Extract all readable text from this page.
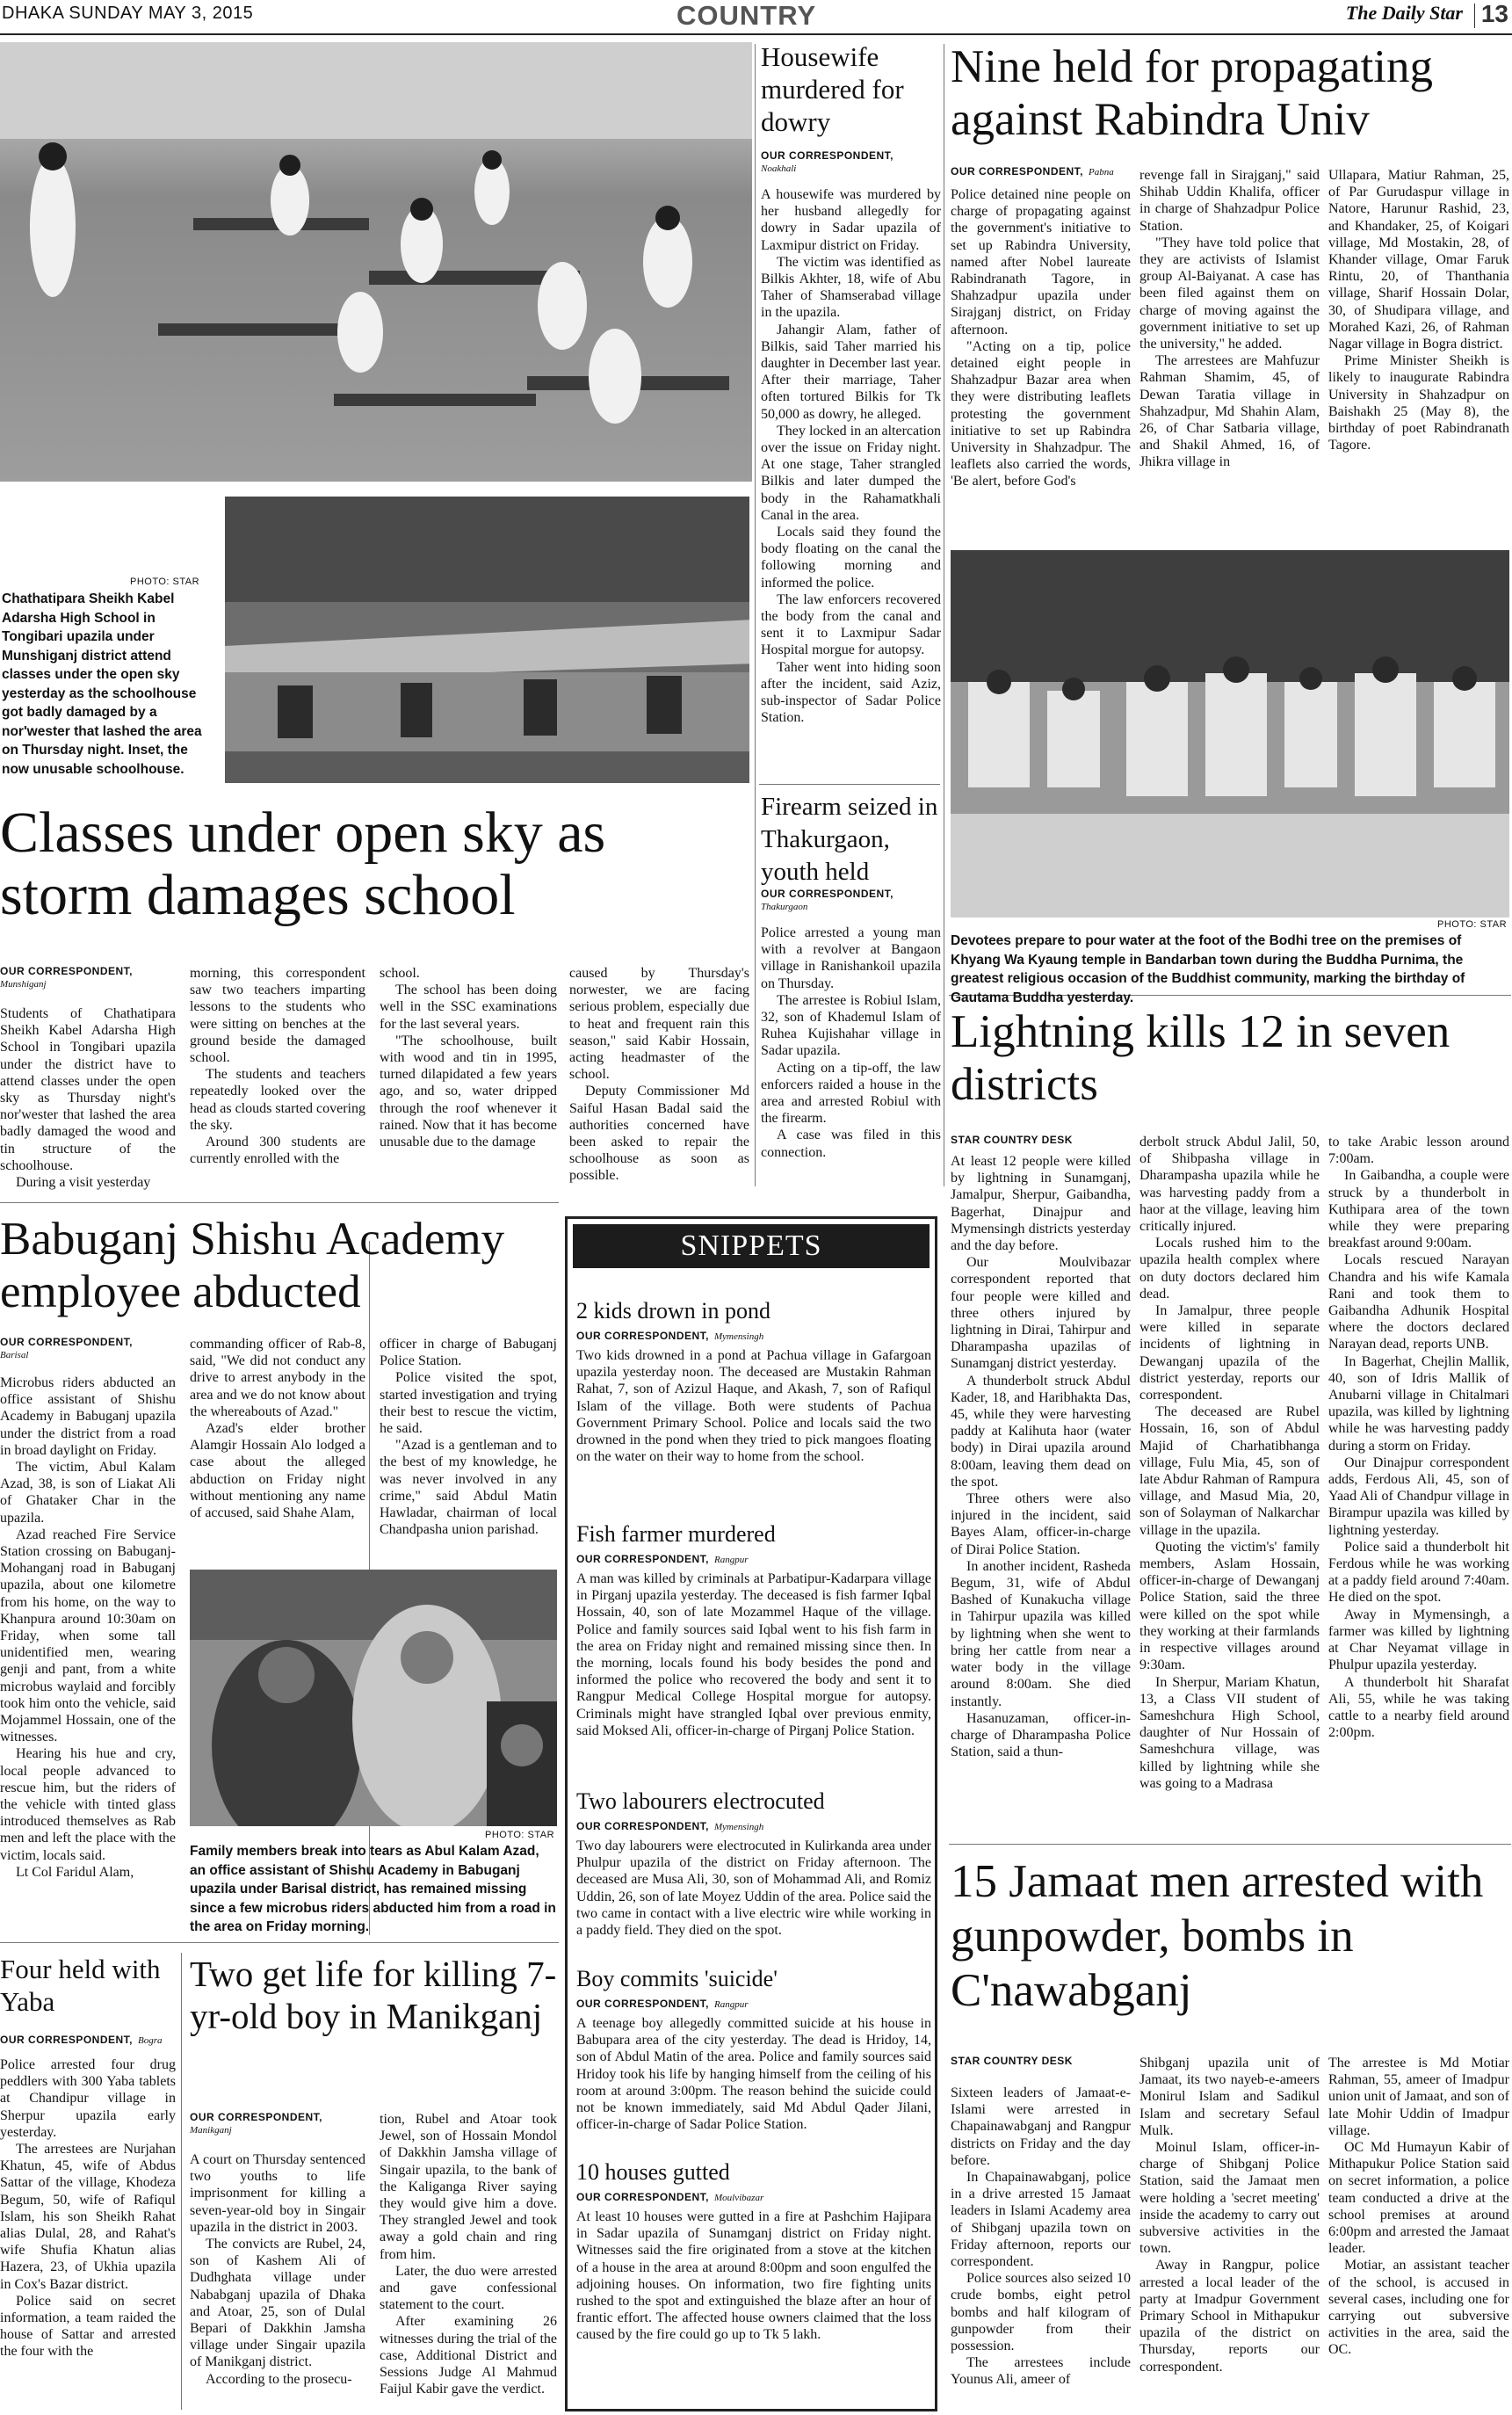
DHAKA SUNDAY MAY 3, 2015	COUNTRY	The Daily Star 13
PHOTO: STAR
Chathatipara Sheikh Kabel Adarsha High School in Tongibari upazila under Munshiganj district attend classes under the open sky yesterday as the schoolhouse got badly damaged by a nor'wester that lashed the area on Thursday night. Inset, the now unusable schoolhouse.
Classes under open sky as storm damages school
OUR CORRESPONDENT,
Munshiganj

Students of Chathatipara Sheikh Kabel Adarsha High School in Tongibari upazila under the district have to attend classes under the open sky as Thursday night's nor'wester that lashed the area badly damaged the wood and tin structure of the schoolhouse.

During a visit yesterday

morning, this correspondent saw two teachers imparting lessons to the students who were sitting on benches at the ground beside the damaged school.

The students and teachers repeatedly looked over the head as clouds started covering the sky.

Around 300 students are currently enrolled with the

school.

The school has been doing well in the SSC examinations for the last several years.

"The schoolhouse, built with wood and tin in 1995, turned dilapidated a few years ago, and so, water dripped through the roof whenever it rained. Now that it has become unusable due to the damage

caused by Thursday's norwester, we are facing serious problem, especially due to heat and frequent rain this season," said Kabir Hossain, acting headmaster of the school.

Deputy Commissioner Md Saiful Hasan Badal said the authorities concerned have been asked to repair the schoolhouse as soon as possible.

Housewife murdered for dowry
OUR CORRESPONDENT,
Noakhali

A housewife was murdered by her husband allegedly for dowry in Sadar upazila of Laxmipur district on Friday.

The victim was identified as Bilkis Akhter, 18, wife of Abu Taher of Shamserabad village in the upazila.

Jahangir Alam, father of Bilkis, said Taher married his daughter in December last year. After their marriage, Taher often tortured Bilkis for Tk 50,000 as dowry, he alleged.

They locked in an altercation over the issue on Friday night. At one stage, Taher strangled Bilkis and later dumped the body in the Rahamatkhali Canal in the area.

Locals said they found the body floating on the canal the following morning and informed the police.

The law enforcers recovered the body from the canal and sent it to Laxmipur Sadar Hospital morgue for autopsy.

Taher went into hiding soon after the incident, said Aziz, sub-inspector of Sadar Police Station.

Firearm seized in Thakurgaon, youth held
OUR CORRESPONDENT,
Thakurgaon

Police arrested a young man with a revolver at Bangaon village in Ranishankoil upazila on Thursday.

The arrestee is Robiul Islam, 32, son of Khademul Islam of Ruhea Kujishahar village in Sadar upazila.

Acting on a tip-off, the law enforcers raided a house in the area and arrested Robiul with the firearm.

A case was filed in this connection.

Nine held for propagating against Rabindra Univ
OUR CORRESPONDENT, Pabna

Police detained nine people on charge of propagating against the government's initiative to set up Rabindra University, named after Nobel laureate Rabindranath Tagore, in Shahzadpur upazila under Sirajganj district, on Friday afternoon.

"Acting on a tip, police detained eight people in Shahzadpur Bazar area when they were distributing leaflets protesting the government initiative to set up Rabindra University in Shahzadpur. The leaflets also carried the words, 'Be alert, before God's

revenge fall in Sirajganj," said Shihab Uddin Khalifa, officer in charge of Shahzadpur Police Station.

"They have told police that they are activists of Islamist group Al-Baiyanat. A case has been filed against them on charge of moving against the government initiative to set up the university," he added.

The arrestees are Mahfuzur Rahman Shamim, 45, of Dewan Taratia village in Shahzadpur, Md Shahin Alam, 26, of Char Satbaria village, and Shakil Ahmed, 16, of Jhikra village in

Ullapara, Matiur Rahman, 25, of Par Gurudaspur village in Natore, Harunur Rashid, 23, and Khandaker, 25, of Koigari village, Md Mostakin, 28, of Khander village, Omar Faruk Rintu, 20, of Thanthania village, Sharif Hossain Dolar, 30, of Shudipara village, and Morahed Kazi, 26, of Rahman Nagar village in Bogra district.

Prime Minister Sheikh is likely to inaugurate Rabindra University in Shahzadpur on Baishakh 25 (May 8), the birthday of poet Rabindranath Tagore.

PHOTO: STAR
Devotees prepare to pour water at the foot of the Bodhi tree on the premises of Khyang Wa Kyaung temple in Bandarban town during the Buddha Purnima, the greatest religious occasion of the Buddhist community, marking the birthday of Gautama Buddha yesterday.
Lightning kills 12 in seven districts
STAR COUNTRY DESK

At least 12 people were killed by lightning in Sunamganj, Jamalpur, Sherpur, Gaibandha, Bagerhat, Dinajpur and Mymensingh districts yesterday and the day before.

Our Moulvibazar correspondent reported that four people were killed and three others injured by lightning in Dirai, Tahirpur and Dharampasha upazilas of Sunamganj district yesterday.

A thunderbolt struck Abdul Kader, 18, and Haribhakta Das, 45, while they were harvesting paddy at Kalihuta haor (water body) in Dirai upazila around 8:00am, leaving them dead on the spot.

Three others were also injured in the incident, said Bayes Alam, officer-in-charge of Dirai Police Station.

In another incident, Rasheda Begum, 31, wife of Abdul Bashed of Kunakucha village in Tahirpur upazila was killed by lightning when she went to bring her cattle from near a water body in the village around 8:00am. She died instantly.

Hasanuzaman, officer-in-charge of Dharampasha Police Station, said a thun-

derbolt struck Abdul Jalil, 50, of Shibpasha village in Dharampasha upazila while he was harvesting paddy from a haor at the village, leaving him critically injured.

Locals rushed him to the upazila health complex where on duty doctors declared him dead.

In Jamalpur, three people were killed in separate incidents of lightning in Dewanganj upazila of the district yesterday, reports our correspondent.

The deceased are Rubel Hossain, 16, son of Abdul Majid of Charhatibhanga village, Fulu Mia, 45, son of late Abdur Rahman of Rampura village, and Masud Mia, 20, son of Solayman of Nalkarchar village in the upazila.

Quoting the victim's' family members, Aslam Hossain, officer-in-charge of Dewanganj Police Station, said the three were killed on the spot while they working at their farmlands in respective villages around 9:30am.

In Sherpur, Mariam Khatun, 13, a Class VII student of Sameshchura High School, daughter of Nur Hossain of Sameshchura village, was killed by lightning while she was going to a Madrasa

to take Arabic lesson around 7:00am.

In Gaibandha, a couple were struck by a thunderbolt in Kuthipara area of the town while they were preparing breakfast around 9:00am.

Locals rescued Narayan Chandra and his wife Kamala Rani and took them to Gaibandha Adhunik Hospital where the doctors declared Narayan dead, reports UNB.

In Bagerhat, Chejlin Mallik, 40, son of Idris Mallik of Anubarni village in Chitalmari upazila, was killed by lightning while he was harvesting paddy during a storm on Friday.

Our Dinajpur correspondent adds, Ferdous Ali, 45, son of Yaad Ali of Chandpur village in Birampur upazila was killed by lightning yesterday.

Police said a thunderbolt hit Ferdous while he was working at a paddy field around 7:40am. He died on the spot.

Away in Mymensingh, a farmer was killed by lightning at Char Neyamat village in Phulpur upazila yesterday.

A thunderbolt hit Sharafat Ali, 55, while he was taking cattle to a nearby field around 2:00pm.

Babuganj Shishu Academy employee abducted
OUR CORRESPONDENT,
Barisal

Microbus riders abducted an office assistant of Shishu Academy in Babuganj upazila under the district from a road in broad daylight on Friday.

The victim, Abul Kalam Azad, 38, is son of Liakat Ali of Ghataker Char in the upazila.

Azad reached Fire Service Station crossing on Babuganj-Mohanganj road in Babuganj upazila, about one kilometre from his home, on the way to Khanpura around 10:30am on Friday, when some tall unidentified men, wearing genji and pant, from a white microbus waylaid and forcibly took him onto the vehicle, said Mojammel Hossain, one of the witnesses.

Hearing his hue and cry, local people advanced to rescue him, but the riders of the vehicle with tinted glass introduced themselves as Rab men and left the place with the victim, locals said.

Lt Col Faridul Alam,

commanding officer of Rab-8, said, "We did not conduct any drive to arrest anybody in the area and we do not know about the whereabouts of Azad."

Azad's elder brother Alamgir Hossain Alo lodged a case about the alleged abduction on Friday night without mentioning any name of accused, said Shahe Alam,

officer in charge of Babuganj Police Station.

Police visited the spot, started investigation and trying their best to rescue the victim, he said.

"Azad is a gentleman and to the best of my knowledge, he was never involved in any crime," said Abdul Matin Hawladar, chairman of local Chandpasha union parishad.

PHOTO: STAR
Family members break into tears as Abul Kalam Azad, an office assistant of Shishu Academy in Babuganj upazila under Barisal district, has remained missing since a few microbus riders abducted him from a road in the area on Friday morning.
Four held with Yaba
OUR CORRESPONDENT, Bogra

Police arrested four drug peddlers with 300 Yaba tablets at Chandipur village in Sherpur upazila early yesterday.

The arrestees are Nurjahan Khatun, 45, wife of Abdus Sattar of the village, Khodeza Begum, 50, wife of Rafiqul Islam, his son Sheikh Rahat alias Dulal, 28, and Rahat's wife Shufia Khatun alias Hazera, 23, of Ukhia upazila in Cox's Bazar district.

Police said on secret information, a team raided the house of Sattar and arrested the four with the

Two get life for killing 7-yr-old boy in Manikganj
OUR CORRESPONDENT,
Manikganj

A court on Thursday sentenced two youths to life imprisonment for killing a seven-year-old boy in Singair upazila in the district in 2003.

The convicts are Rubel, 24, son of Kashem Ali of Dudhghata village under Nababganj upazila of Dhaka and Atoar, 25, son of Dulal Bepari of Dakkhin Jamsha village under Singair upazila of Manikganj district.

According to the prosecu-

tion, Rubel and Atoar took Jewel, son of Hossain Mondol of Dakkhin Jamsha village of Singair upazila, to the bank of the Kaliganga River saying they would give him a dove. They strangled Jewel and took away a gold chain and ring from him.

Later, the duo were arrested and gave confessional statement to the court.

After examining 26 witnesses during the trial of the case, Additional District and Sessions Judge Al Mahmud Faijul Kabir gave the verdict.

SNIPPETS
2 kids drown in pond
OUR CORRESPONDENT, Mymensingh
Two kids drowned in a pond at Pachua village in Gafargoan upazila yesterday noon. The deceased are Mustakin Rahman Rahat, 7, son of Azizul Haque, and Akash, 7, son of Rafiqul Islam of the village. Both were students of Pachua Government Primary School. Police and locals said the two drowned in the pond when they tried to pick mangoes floating on the water on their way to home from the school.
Fish farmer murdered
OUR CORRESPONDENT, Rangpur
A man was killed by criminals at Parbatipur-Kadarpara village in Pirganj upazila yesterday. The deceased is fish farmer Iqbal Hossain, 40, son of late Mozammel Haque of the village. Police and family sources said Iqbal went to his fish farm in the area on Friday night and remained missing since then. In the morning, locals found his body besides the pond and informed the police who recovered the body and sent it to Rangpur Medical College Hospital morgue for autopsy. Criminals might have strangled Iqbal over previous enmity, said Moksed Ali, officer-in-charge of Pirganj Police Station.
Two labourers electrocuted
OUR CORRESPONDENT, Mymensingh
Two day labourers were electrocuted in Kulirkanda area under Phulpur upazila of the district on Friday afternoon. The deceased are Musa Ali, 30, son of Mohammad Ali, and Romiz Uddin, 26, son of late Moyez Uddin of the area. Police said the two came in contact with a live electric wire while working in a paddy field. They died on the spot.
Boy commits 'suicide'
OUR CORRESPONDENT, Rangpur
A teenage boy allegedly committed suicide at his house in Babupara area of the city yesterday. The dead is Hridoy, 14, son of Abdul Matin of the area. Police and family sources said Hridoy took his life by hanging himself from the ceiling of his room at around 3:00pm. The reason behind the suicide could not be known immediately, said Md Abdul Qader Jilani, officer-in-charge of Sadar Police Station.
10 houses gutted
OUR CORRESPONDENT, Moulvibazar
At least 10 houses were gutted in a fire at Pashchim Hajipara in Sadar upazila of Sunamganj district on Friday night. Witnesses said the fire originated from a stove at the kitchen of a house in the area at around 8:00pm and soon engulfed the adjoining houses. On information, two fire fighting units rushed to the spot and extinguished the blaze after an hour of frantic effort. The affected house owners claimed that the loss caused by the fire could go up to Tk 5 lakh.
15 Jamaat men arrested with gunpowder, bombs in C'nawabganj
STAR COUNTRY DESK

Sixteen leaders of Jamaat-e-Islami were arrested in Chapainawabganj and Rangpur districts on Friday and the day before.

In Chapainawabganj, police in a drive arrested 15 Jamaat leaders in Islami Academy area of Shibganj upazila town on Friday afternoon, reports our correspondent.

Police sources also seized 10 crude bombs, eight petrol bombs and half kilogram of gunpowder from their possession.

The arrestees include Younus Ali, ameer of

Shibganj upazila unit of Jamaat, its two nayeb-e-ameers Monirul Islam and Sadikul Islam and secretary Sefaul Mulk.

Moinul Islam, officer-in-charge of Shibganj Police Station, said the Jamaat men were holding a 'secret meeting' inside the academy to carry out subversive activities in the town.

Away in Rangpur, police arrested a local leader of the party at Imadpur Government Primary School in Mithapukur upazila of the district on Thursday, reports our correspondent.

The arrestee is Md Motiar Rahman, 55, ameer of Imadpur union unit of Jamaat, and son of late Mohir Uddin of Imadpur village.

OC Md Humayun Kabir of Mithapukur Police Station said on secret information, a police team conducted a drive at the school premises at around 6:00pm and arrested the Jamaat leader.

Motiar, an assistant teacher of the school, is accused in several cases, including one for carrying out subversive activities in the area, said the OC.
